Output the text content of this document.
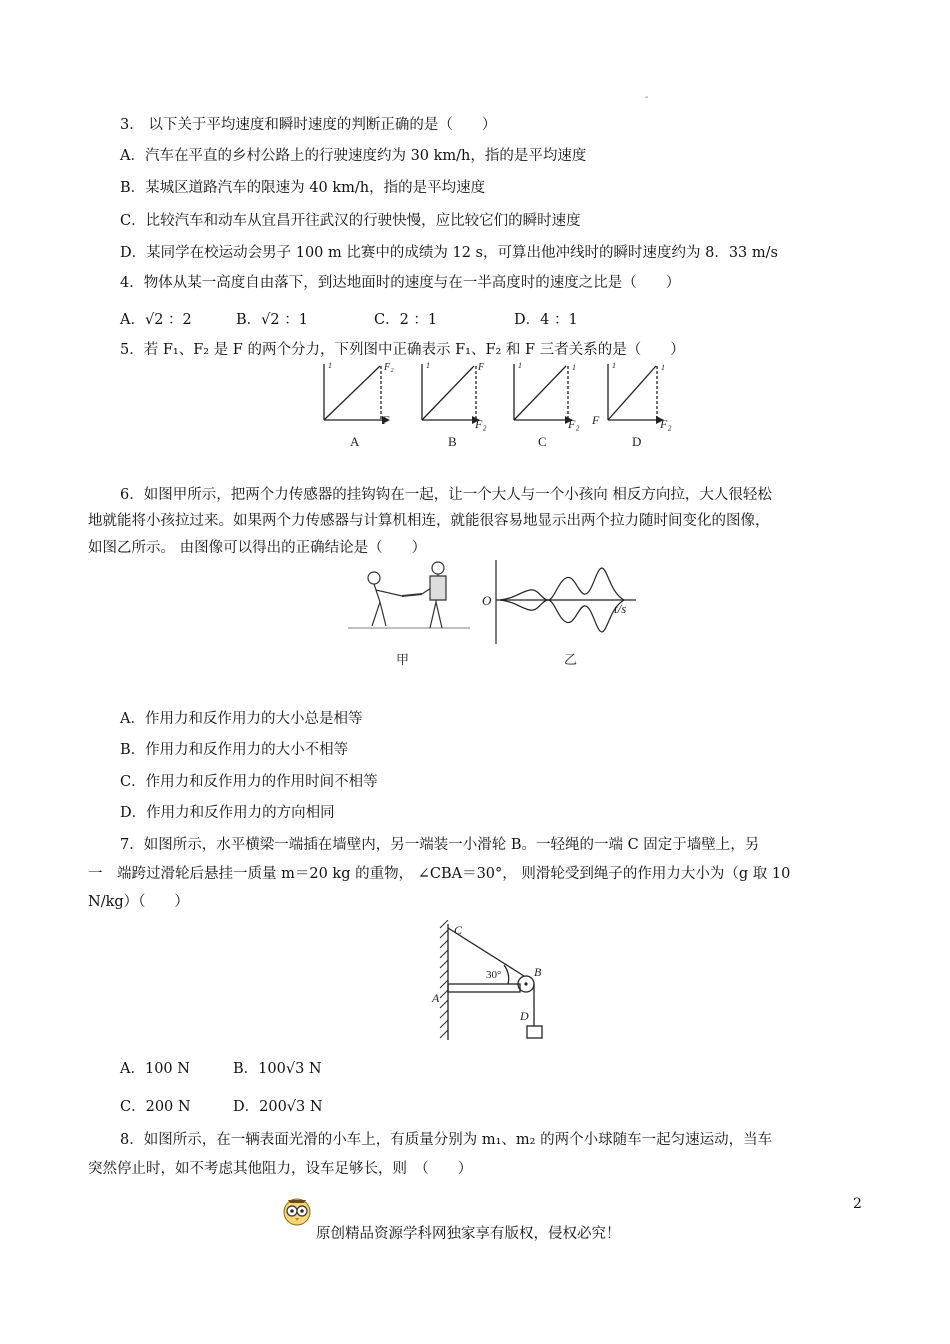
-
3． 以下关于平均速度和瞬时速度的判断正确的是（　　）
A．汽车在平直的乡村公路上的行驶速度约为 30 km/h，指的是平均速度
B．某城区道路汽车的限速为 40 km/h，指的是平均速度
C．比较汽车和动车从宜昌开往武汉的行驶快慢，应比较它们的瞬时速度
D．某同学在校运动会男子 100 m 比赛中的成绩为 12 s，可算出他冲线时的瞬时速度约为 8．33 m/s
4．物体从某一高度自由落下，到达地面时的速度与在一半高度时的速度之比是（　　）
A．√2 ：2	B．√2 ：1	C．2 ：1	D．4 ：1
5．若 F₁、F₂ 是 F 的两个分力，下列图中正确表示 F₁、F₂ 和 F 三者关系的是（　　）
1	F₂
F
1	F
F₂
1	1
F₂
1	1
F₂
F
A	B	C	D
6．如图甲所示，把两个力传感器的挂钩钩在一起，让一个大人与一个小孩向 相反方向拉，大人很轻松
地就能将小孩拉过来。如果两个力传感器与计算机相连，就能很容易地显示出两个拉力随时间变化的图像，
如图乙所示。 由图像可以得出的正确结论是（　　）
O
t/s
甲	乙
A．作用力和反作用力的大小总是相等
B．作用力和反作用力的大小不相等
C．作用力和反作用力的作用时间不相等
D．作用力和反作用力的方向相同
7．如图所示，水平横梁一端插在墙壁内，另一端装一小滑轮 B。一轻绳的一端 C 固定于墙壁上，另
一　端跨过滑轮后悬挂一质量 m＝20 kg 的重物， ∠CBA＝30°， 则滑轮受到绳子的作用力大小为（g 取 10
N/kg）（　　）
C
A
B
D
30°
A．100 N	B．100√3 N
C．200 N	D．200√3 N
8．如图所示，在一辆表面光滑的小车上，有质量分别为 m₁、m₂ 的两个小球随车一起匀速运动，当车
突然停止时，如不考虑其他阻力，设车足够长，则　（　　）
2
原创精品资源学科网独家享有版权，侵权必究！
